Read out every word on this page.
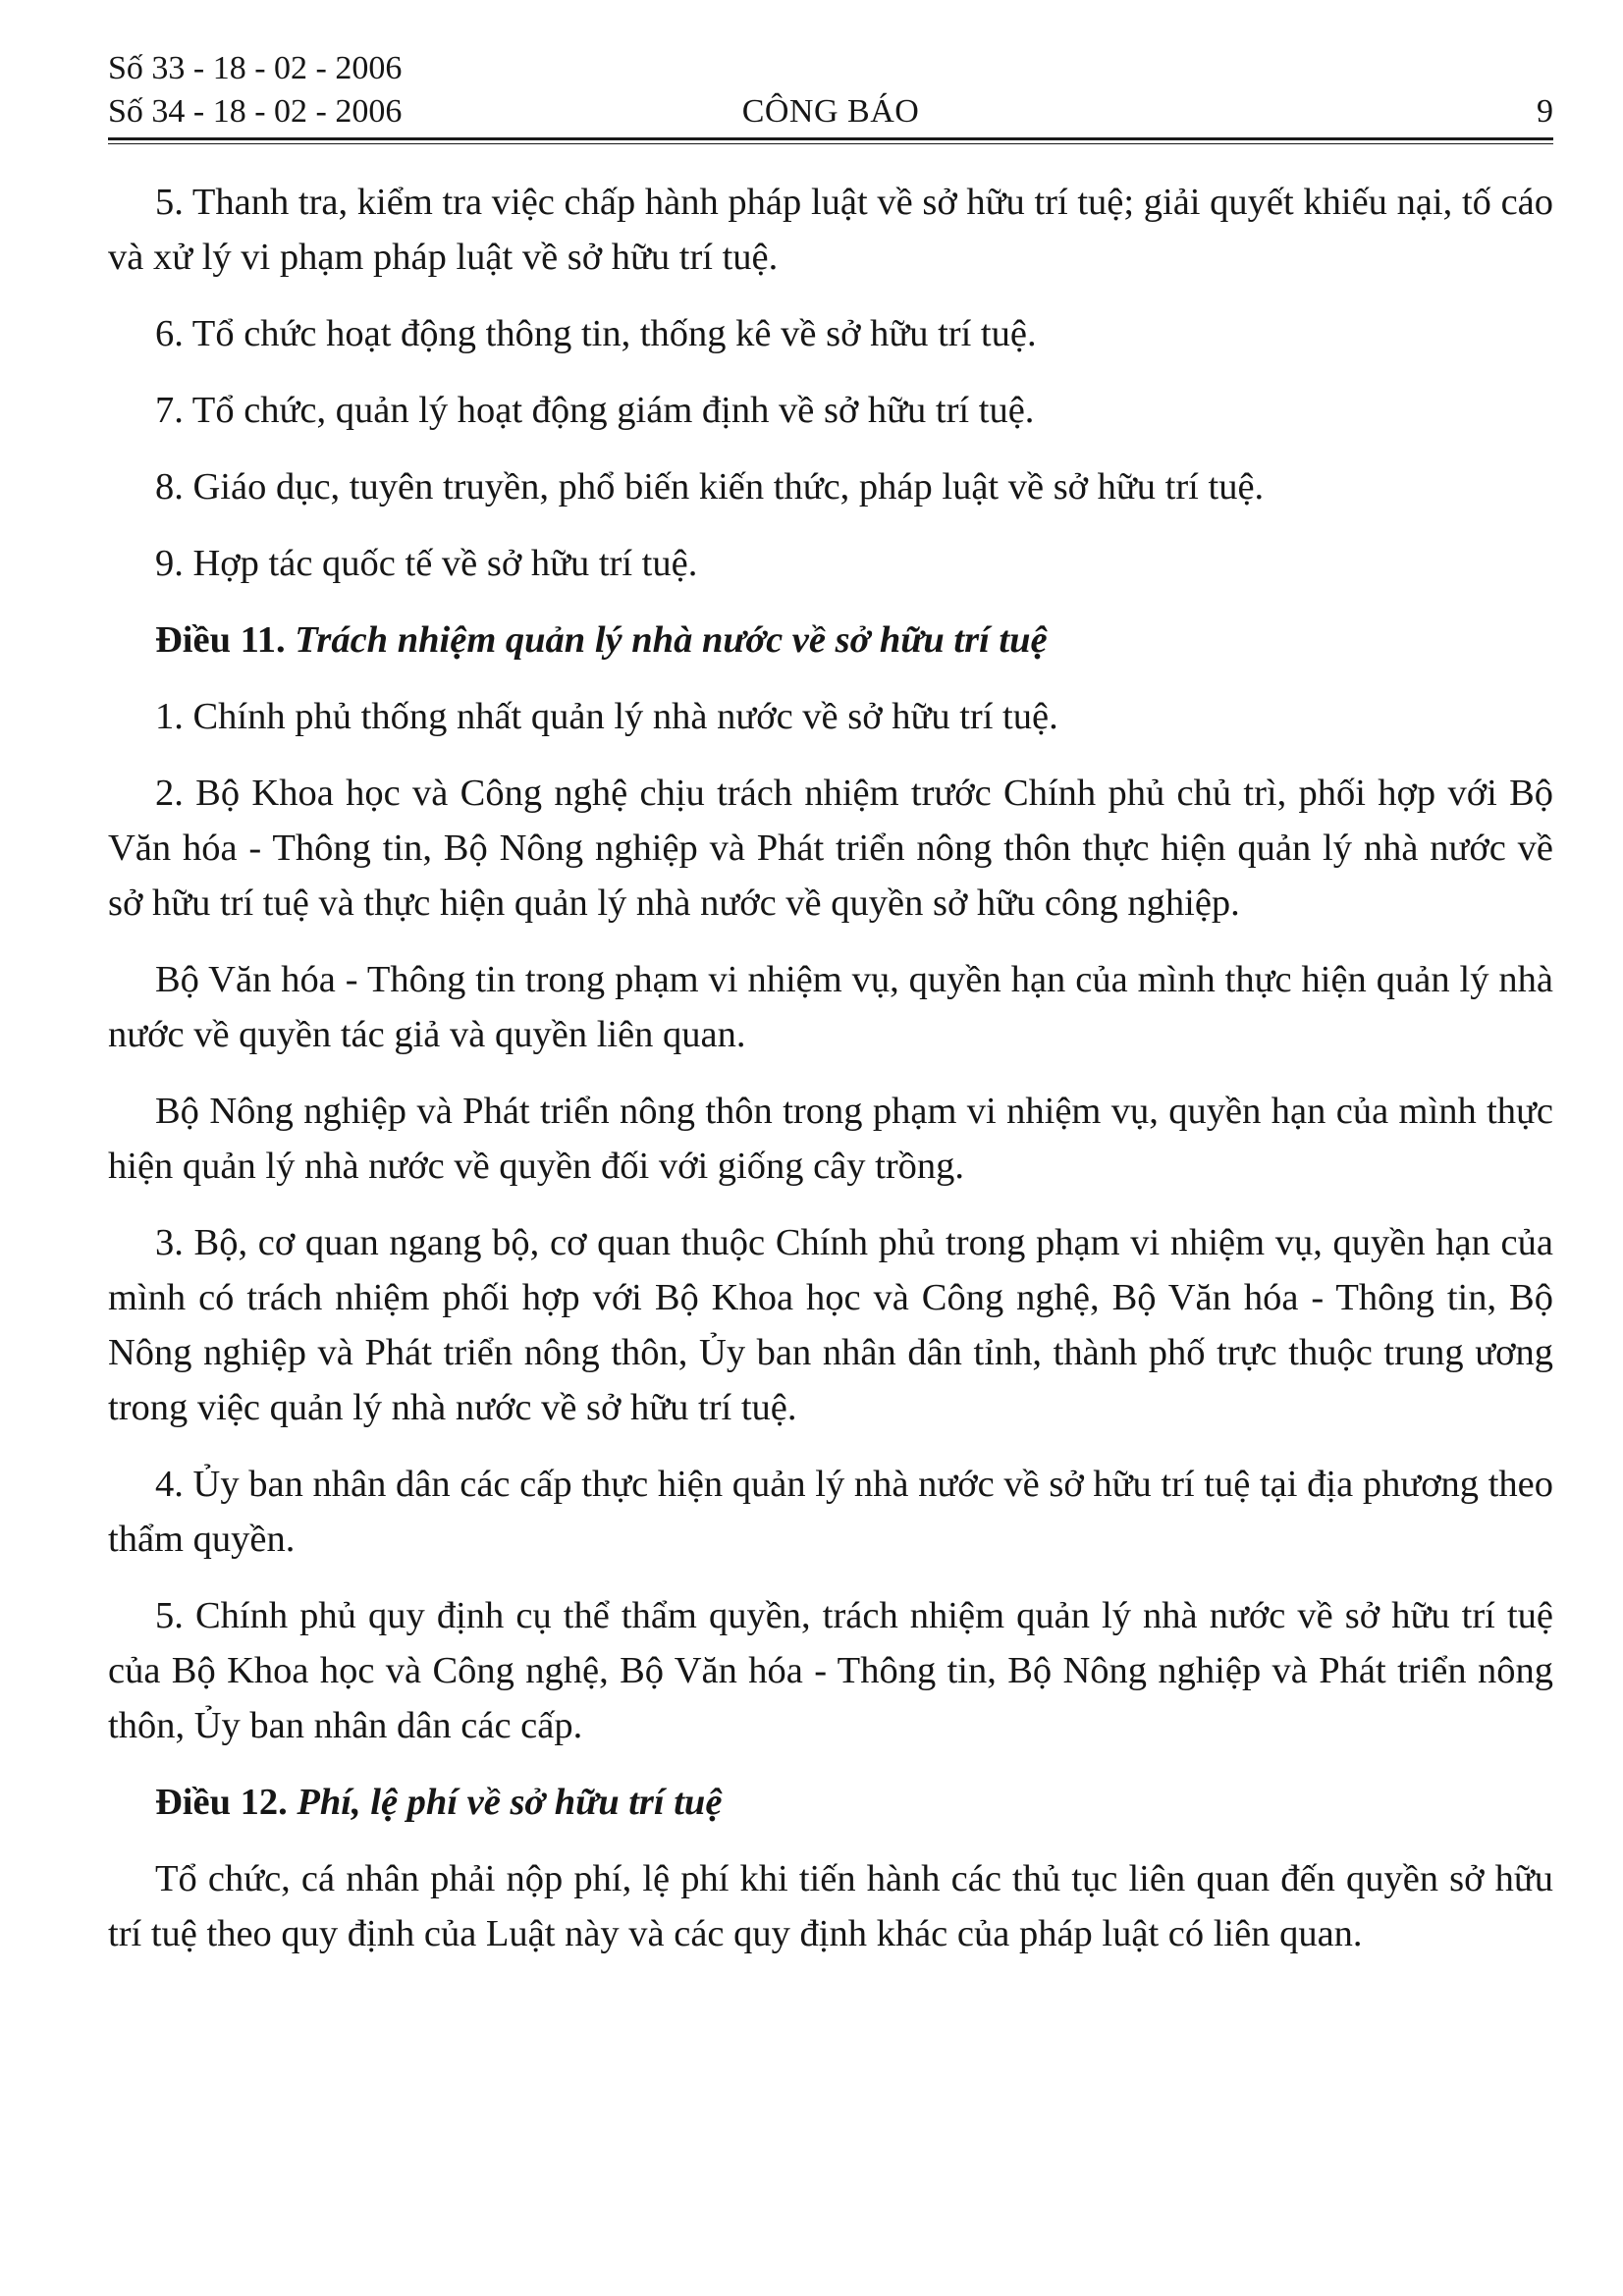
Số 33 - 18 - 02 - 2006
Số 34 - 18 - 02 - 2006	CÔNG BÁO	9

5. Thanh tra, kiểm tra việc chấp hành pháp luật về sở hữu trí tuệ; giải quyết khiếu nại, tố cáo và xử lý vi phạm pháp luật về sở hữu trí tuệ.

6. Tổ chức hoạt động thông tin, thống kê về sở hữu trí tuệ.

7. Tổ chức, quản lý hoạt động giám định về sở hữu trí tuệ.

8. Giáo dục, tuyên truyền, phổ biến kiến thức, pháp luật về sở hữu trí tuệ.

9. Hợp tác quốc tế về sở hữu trí tuệ.

Điều 11. Trách nhiệm quản lý nhà nước về sở hữu trí tuệ

1. Chính phủ thống nhất quản lý nhà nước về sở hữu trí tuệ.

2. Bộ Khoa học và Công nghệ chịu trách nhiệm trước Chính phủ chủ trì, phối hợp với Bộ Văn hóa - Thông tin, Bộ Nông nghiệp và Phát triển nông thôn thực hiện quản lý nhà nước về sở hữu trí tuệ và thực hiện quản lý nhà nước về quyền sở hữu công nghiệp.

Bộ Văn hóa - Thông tin trong phạm vi nhiệm vụ, quyền hạn của mình thực hiện quản lý nhà nước về quyền tác giả và quyền liên quan.

Bộ Nông nghiệp và Phát triển nông thôn trong phạm vi nhiệm vụ, quyền hạn của mình thực hiện quản lý nhà nước về quyền đối với giống cây trồng.

3. Bộ, cơ quan ngang bộ, cơ quan thuộc Chính phủ trong phạm vi nhiệm vụ, quyền hạn của mình có trách nhiệm phối hợp với Bộ Khoa học và Công nghệ, Bộ Văn hóa - Thông tin, Bộ Nông nghiệp và Phát triển nông thôn, Ủy ban nhân dân tỉnh, thành phố trực thuộc trung ương trong việc quản lý nhà nước về sở hữu trí tuệ.

4. Ủy ban nhân dân các cấp thực hiện quản lý nhà nước về sở hữu trí tuệ tại địa phương theo thẩm quyền.

5. Chính phủ quy định cụ thể thẩm quyền, trách nhiệm quản lý nhà nước về sở hữu trí tuệ của Bộ Khoa học và Công nghệ, Bộ Văn hóa - Thông tin, Bộ Nông nghiệp và Phát triển nông thôn, Ủy ban nhân dân các cấp.

Điều 12. Phí, lệ phí về sở hữu trí tuệ

Tổ chức, cá nhân phải nộp phí, lệ phí khi tiến hành các thủ tục liên quan đến quyền sở hữu trí tuệ theo quy định của Luật này và các quy định khác của pháp luật có liên quan.
